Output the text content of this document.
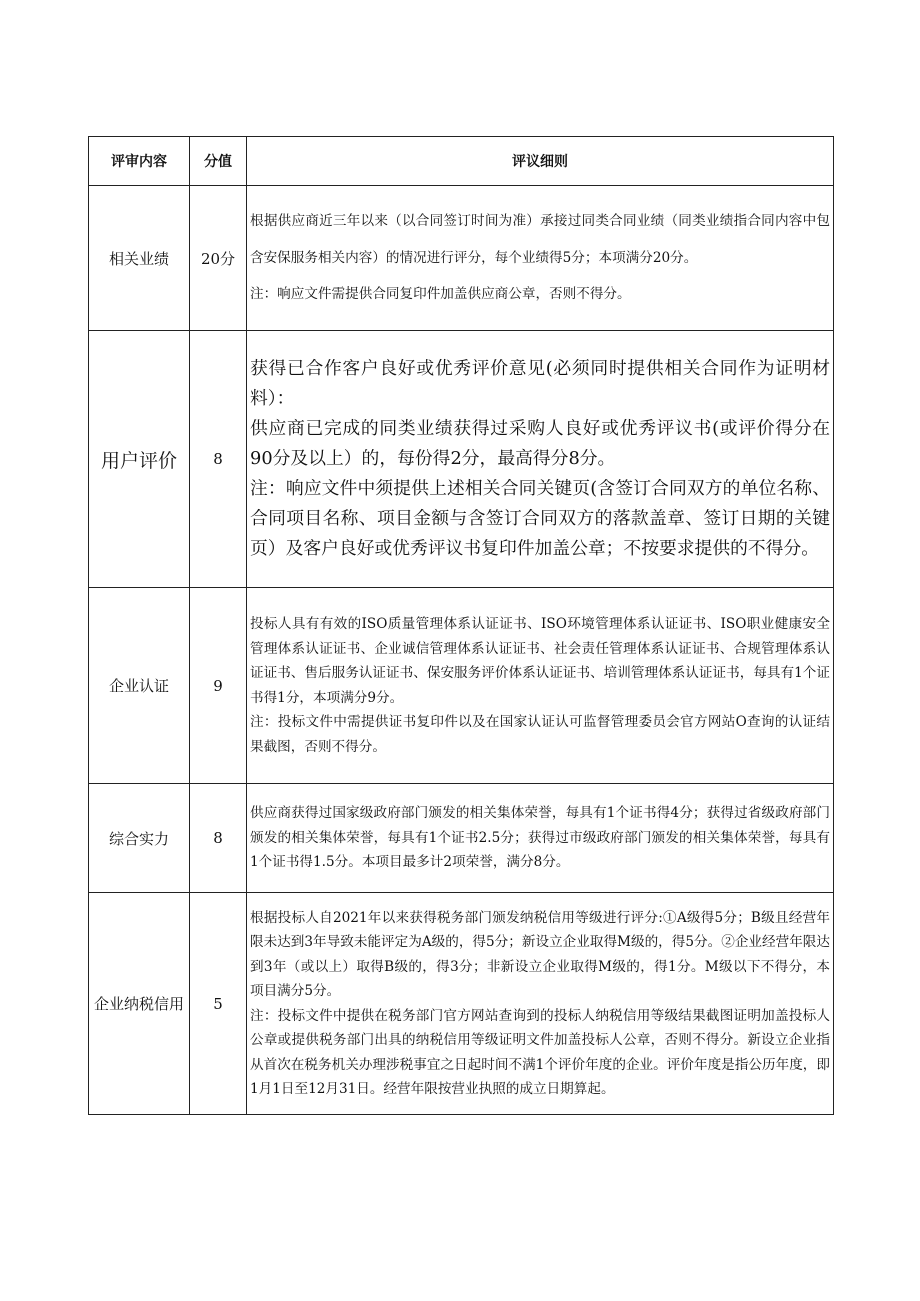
评审内容	分值	评议细则
相关业绩	20分	根据供应商近三年以来（以合同签订时间为准）承接过同类合同业绩（同类业绩指合同内容中包含安保服务相关内容）的情况进行评分，每个业绩得5分；本项满分20分。

注：响应文件需提供合同复印件加盖供应商公章，否则不得分。

用户评价	8	获得已合作客户良好或优秀评价意见(必须同时提供相关合同作为证明材料）：

供应商已完成的同类业绩获得过采购人良好或优秀评议书(或评价得分在90分及以上）的，每份得2分，最高得分8分。

注：响应文件中须提供上述相关合同关键页(含签订合同双方的单位名称、合同项目名称、项目金额与含签订合同双方的落款盖章、签订日期的关键页）及客户良好或优秀评议书复印件加盖公章；不按要求提供的不得分。

企业认证	9	投标人具有有效的ISO质量管理体系认证证书、ISO环境管理体系认证证书、ISO职业健康安全管理体系认证证书、企业诚信管理体系认证证书、社会责任管理体系认证证书、合规管理体系认证证书、售后服务认证证书、保安服务评价体系认证证书、培训管理体系认证证书，每具有1个证书得1分，本项满分9分。

注：投标文件中需提供证书复印件以及在国家认证认可监督管理委员会官方网站O查询的认证结果截图，否则不得分。

综合实力	8	供应商获得过国家级政府部门颁发的相关集体荣誉，每具有1个证书得4分；获得过省级政府部门颁发的相关集体荣誉，每具有1个证书2.5分；获得过市级政府部门颁发的相关集体荣誉，每具有1个证书得1.5分。本项目最多计2项荣誉，满分8分。

企业纳税信用	5	根据投标人自2021年以来获得税务部门颁发纳税信用等级进行评分:①A级得5分；B级且经营年限未达到3年导致未能评定为A级的，得5分；新设立企业取得M级的，得5分。②企业经营年限达到3年（或以上）取得B级的，得3分；非新设立企业取得M级的，得1分。M级以下不得分，本项目满分5分。

注：投标文件中提供在税务部门官方网站查询到的投标人纳税信用等级结果截图证明加盖投标人公章或提供税务部门出具的纳税信用等级证明文件加盖投标人公章，否则不得分。新设立企业指从首次在税务机关办理涉税事宜之日起时间不满1个评价年度的企业。评价年度是指公历年度，即1月1日至12月31日。经营年限按营业执照的成立日期算起。
